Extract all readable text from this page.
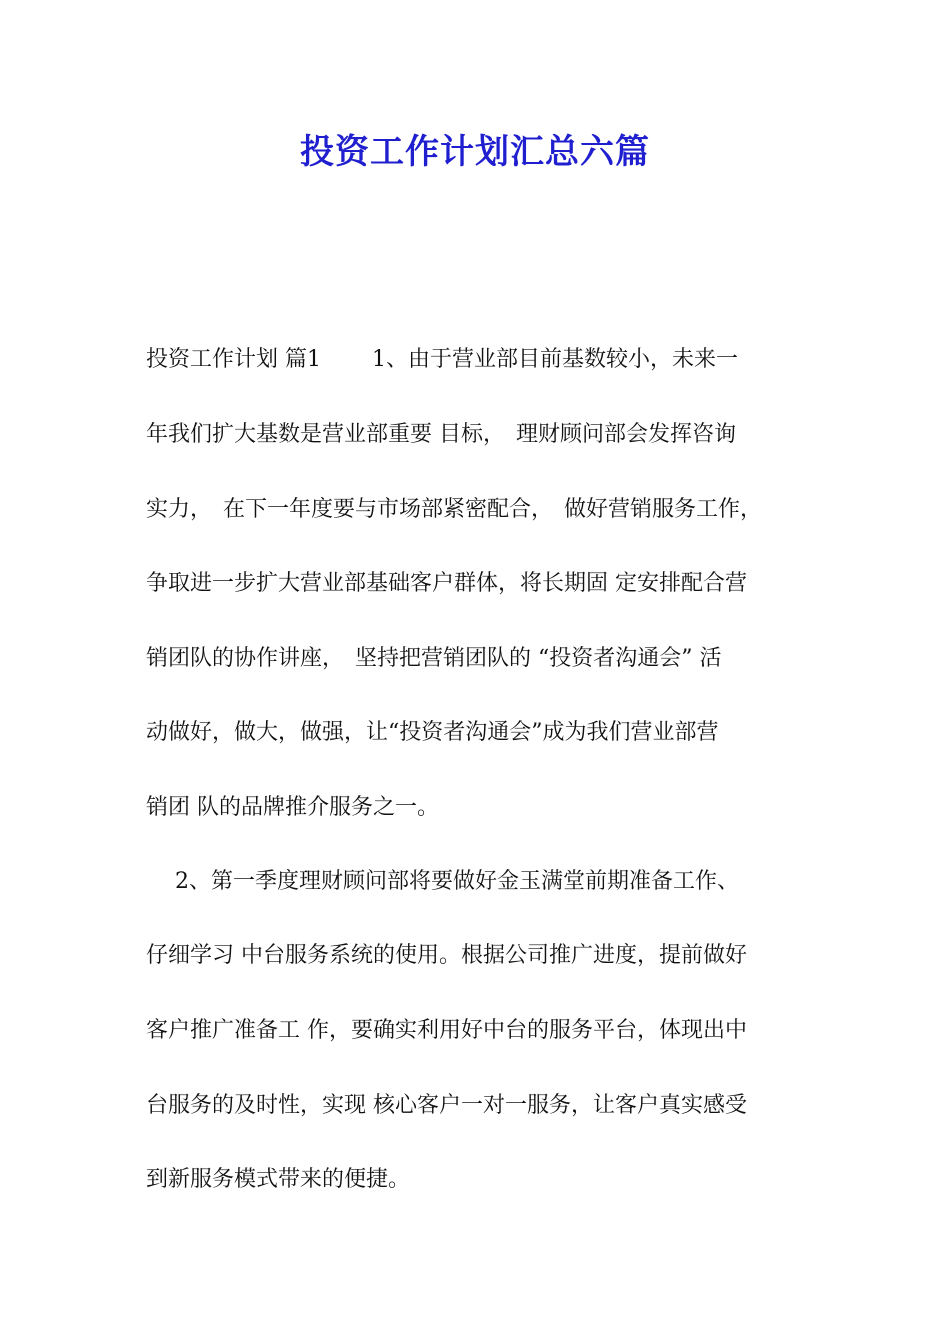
投资工作计划汇总六篇
投资工作计划 篇1　　 1、由于营业部目前基数较小，未来一
年我们扩大基数是营业部重要 目标，　理财顾问部会发挥咨询
实力，　在下一年度要与市场部紧密配合，　做好营销服务工作，
争取进一步扩大营业部基础客户群体，将长期固 定安排配合营
销团队的协作讲座，　坚持把营销团队的 “投资者沟通会” 活
动做好，做大，做强，让“投资者沟通会”成为我们营业部营
销团 队的品牌推介服务之一。
　 2、第一季度理财顾问部将要做好金玉满堂前期准备工作、
仔细学习 中台服务系统的使用。根据公司推广进度，提前做好
客户推广准备工 作，要确实利用好中台的服务平台，体现出中
台服务的及时性，实现 核心客户一对一服务，让客户真实感受
到新服务模式带来的便捷。
